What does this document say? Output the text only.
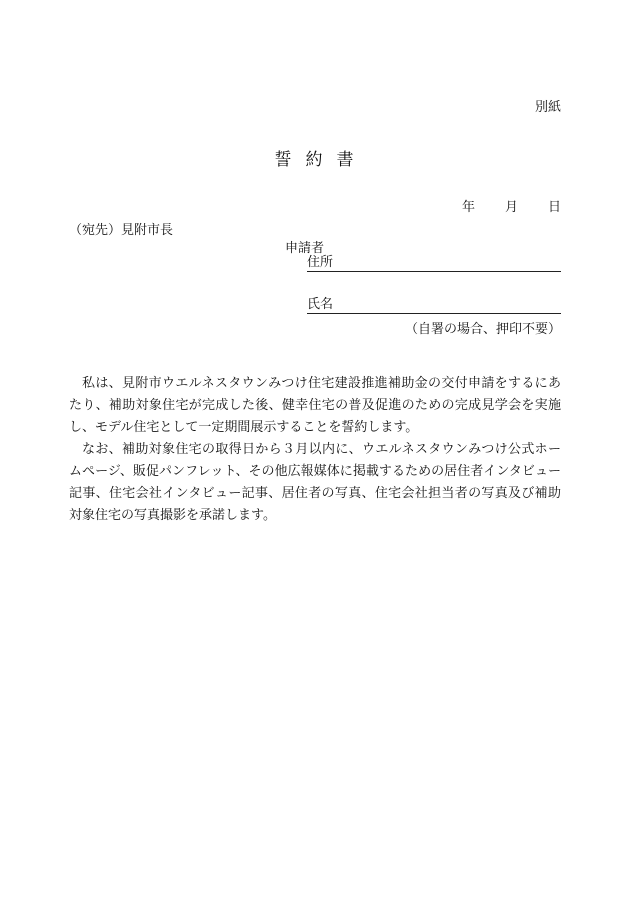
別紙
誓約書
年 月 日
（宛先）見附市長
申請者
住所
氏名
（自署の場合、押印不要）

私は、見附市ウエルネスタウンみつけ住宅建設推進補助金の交付申請をするにあたり、補助対象住宅が完成した後、健幸住宅の普及促進のための完成見学会を実施し、モデル住宅として一定期間展示することを誓約します。

なお、補助対象住宅の取得日から３月以内に、ウエルネスタウンみつけ公式ホームページ、販促パンフレット、その他広報媒体に掲載するための居住者インタビュー記事、住宅会社インタビュー記事、居住者の写真、住宅会社担当者の写真及び補助対象住宅の写真撮影を承諾します。
